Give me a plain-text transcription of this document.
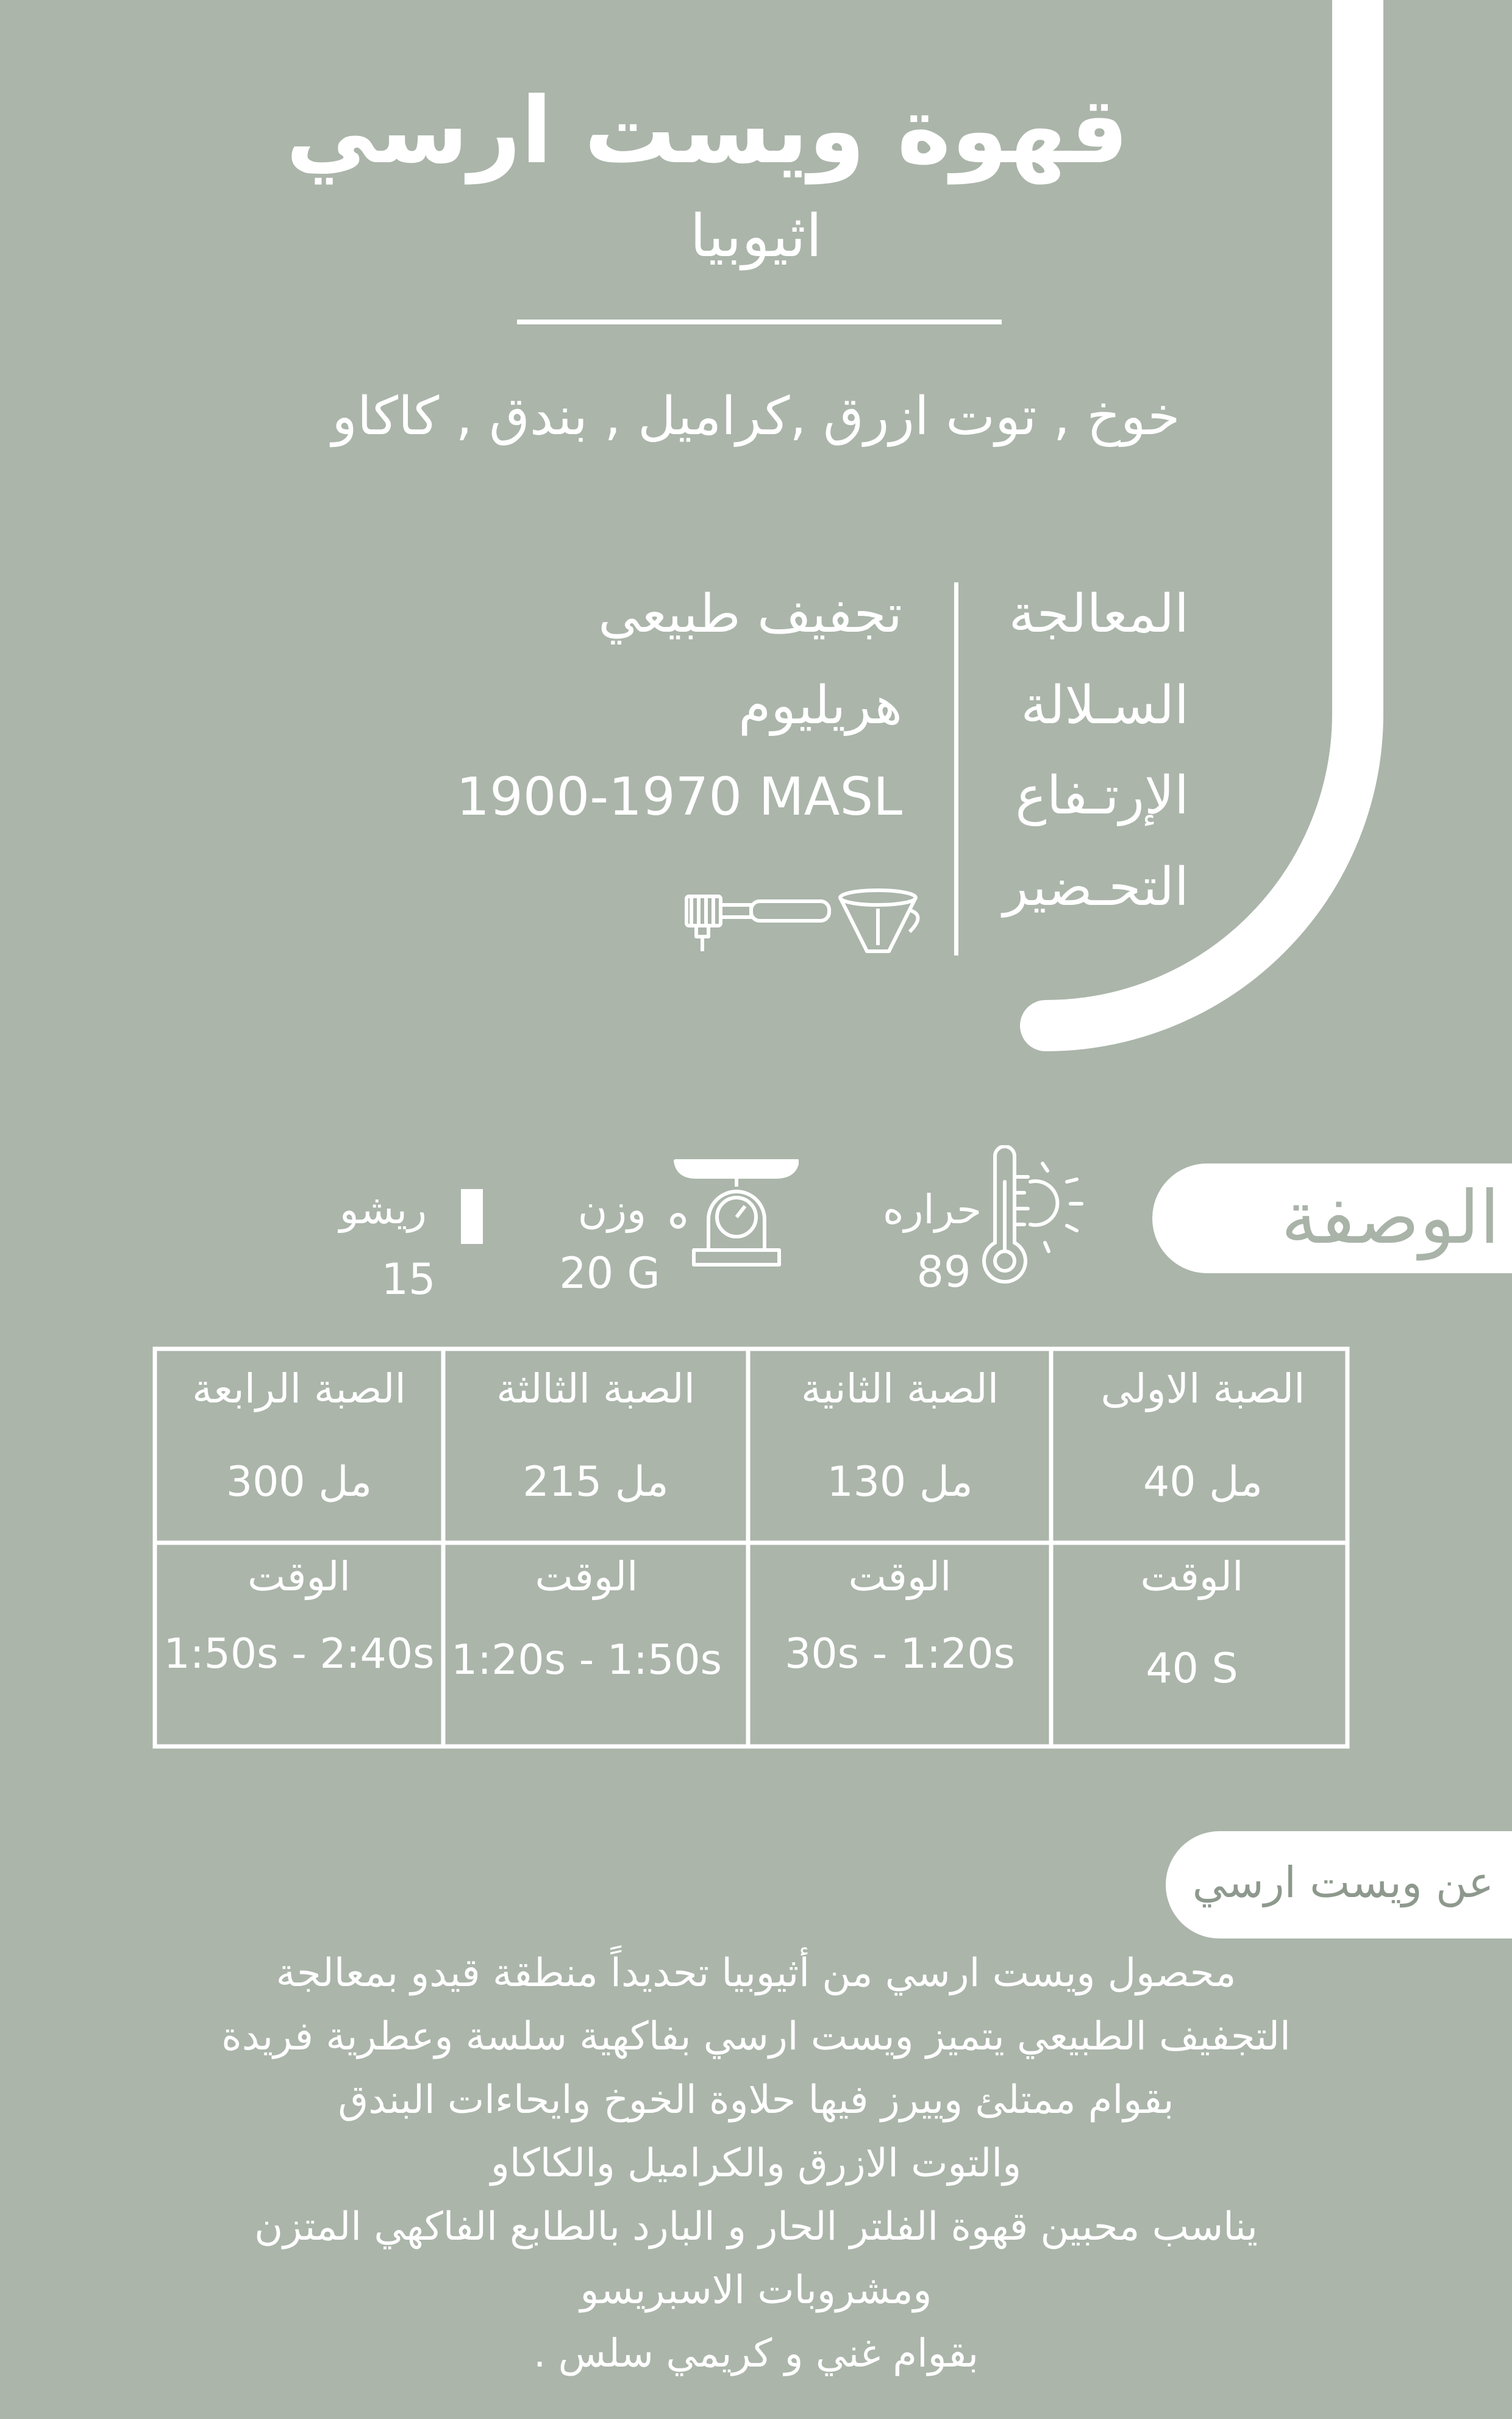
قهوة ويست ارسي
اثيوبيا
خوخ , توت ازرق ,كراميل , بندق , كاكاو
المعالجة
السـلالة
الإرتـفاع
التحـضير
تجفيف طبيعي
هريليوم
1900-1970 MASL
الوصفة
حراره
89
وزن
20 G
ريشو
15
الصبة الاولى
40 مل
الوقت
40 S
الصبة الثانية
130 مل
الوقت
30s - 1:20s
الصبة الثالثة
215 مل
الوقت
1:20s - 1:50s
الصبة الرابعة
300 مل
الوقت
1:50s - 2:40s
عن ويست ارسي
محصول ويست ارسي من أثيوبيا تحديداً منطقة قيدو بمعالجة
التجفيف الطبيعي يتميز ويست ارسي بفاكهية سلسة وعطرية فريدة
بقوام ممتلئ وييرز فيها حلاوة الخوخ وايحاءات البندق
والتوت الازرق والكراميل والكاكاو
يناسب محبين قهوة الفلتر الحار و البارد بالطابع الفاكهي المتزن
ومشروبات الاسبريسو
بقوام غني و كريمي سلس .
